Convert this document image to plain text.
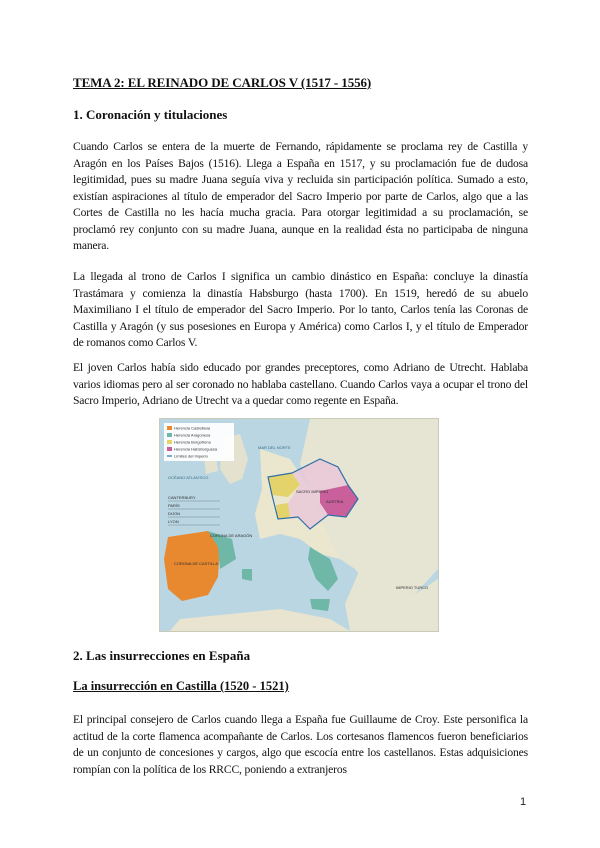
TEMA 2: EL REINADO DE CARLOS V (1517 - 1556)
1. Coronación y titulaciones

Cuando Carlos se entera de la muerte de Fernando, rápidamente se proclama rey de Castilla y Aragón en los Países Bajos (1516). Llega a España en 1517, y su proclamación fue de dudosa legitimidad, pues su madre Juana seguía viva y recluida sin participación política. Sumado a esto, existían aspiraciones al título de emperador del Sacro Imperio por parte de Carlos, algo que a las Cortes de Castilla no les hacía mucha gracia. Para otorgar legitimidad a su proclamación, se proclamó rey conjunto con su madre Juana, aunque en la realidad ésta no participaba de ninguna manera.

La llegada al trono de Carlos I significa un cambio dinástico en España: concluye la dinastía Trastámara y comienza la dinastía Habsburgo (hasta 1700). En 1519, heredó de su abuelo Maximiliano I el título de emperador del Sacro Imperio. Por lo tanto, Carlos tenía las Coronas de Castilla y Aragón (y sus posesiones en Europa y América) como Carlos I, y el título de Emperador de romanos como Carlos V.

El joven Carlos había sido educado por grandes preceptores, como Adriano de Utrecht. Hablaba varios idiomas pero al ser coronado no hablaba castellano. Cuando Carlos vaya a ocupar el trono del Sacro Imperio, Adriano de Utrecht va a quedar como regente en España.

Herencia Castellana
Herencia Aragonesa
Herencia Borgoñona
Herencia Habsburguesa
Límites del Imperio
MAR DEL NORTE
OCÉANO ATLÁNTICO
CORONA DE CASTILLA
CORONA DE ARAGÓN
AUSTRIA
SACRO IMPERIO
IMPERIO TURCO
CANTERBURY
PARÍS
DIJON
LYON
2. Las insurrecciones en España
La insurrección en Castilla (1520 - 1521)

El principal consejero de Carlos cuando llega a España fue Guillaume de Croy. Este personifica la actitud de la corte flamenca acompañante de Carlos. Los cortesanos flamencos fueron beneficiarios de un conjunto de concesiones y cargos, algo que escocía entre los castellanos. Estas adquisiciones rompían con la política de los RRCC, poniendo a extranjeros

1
